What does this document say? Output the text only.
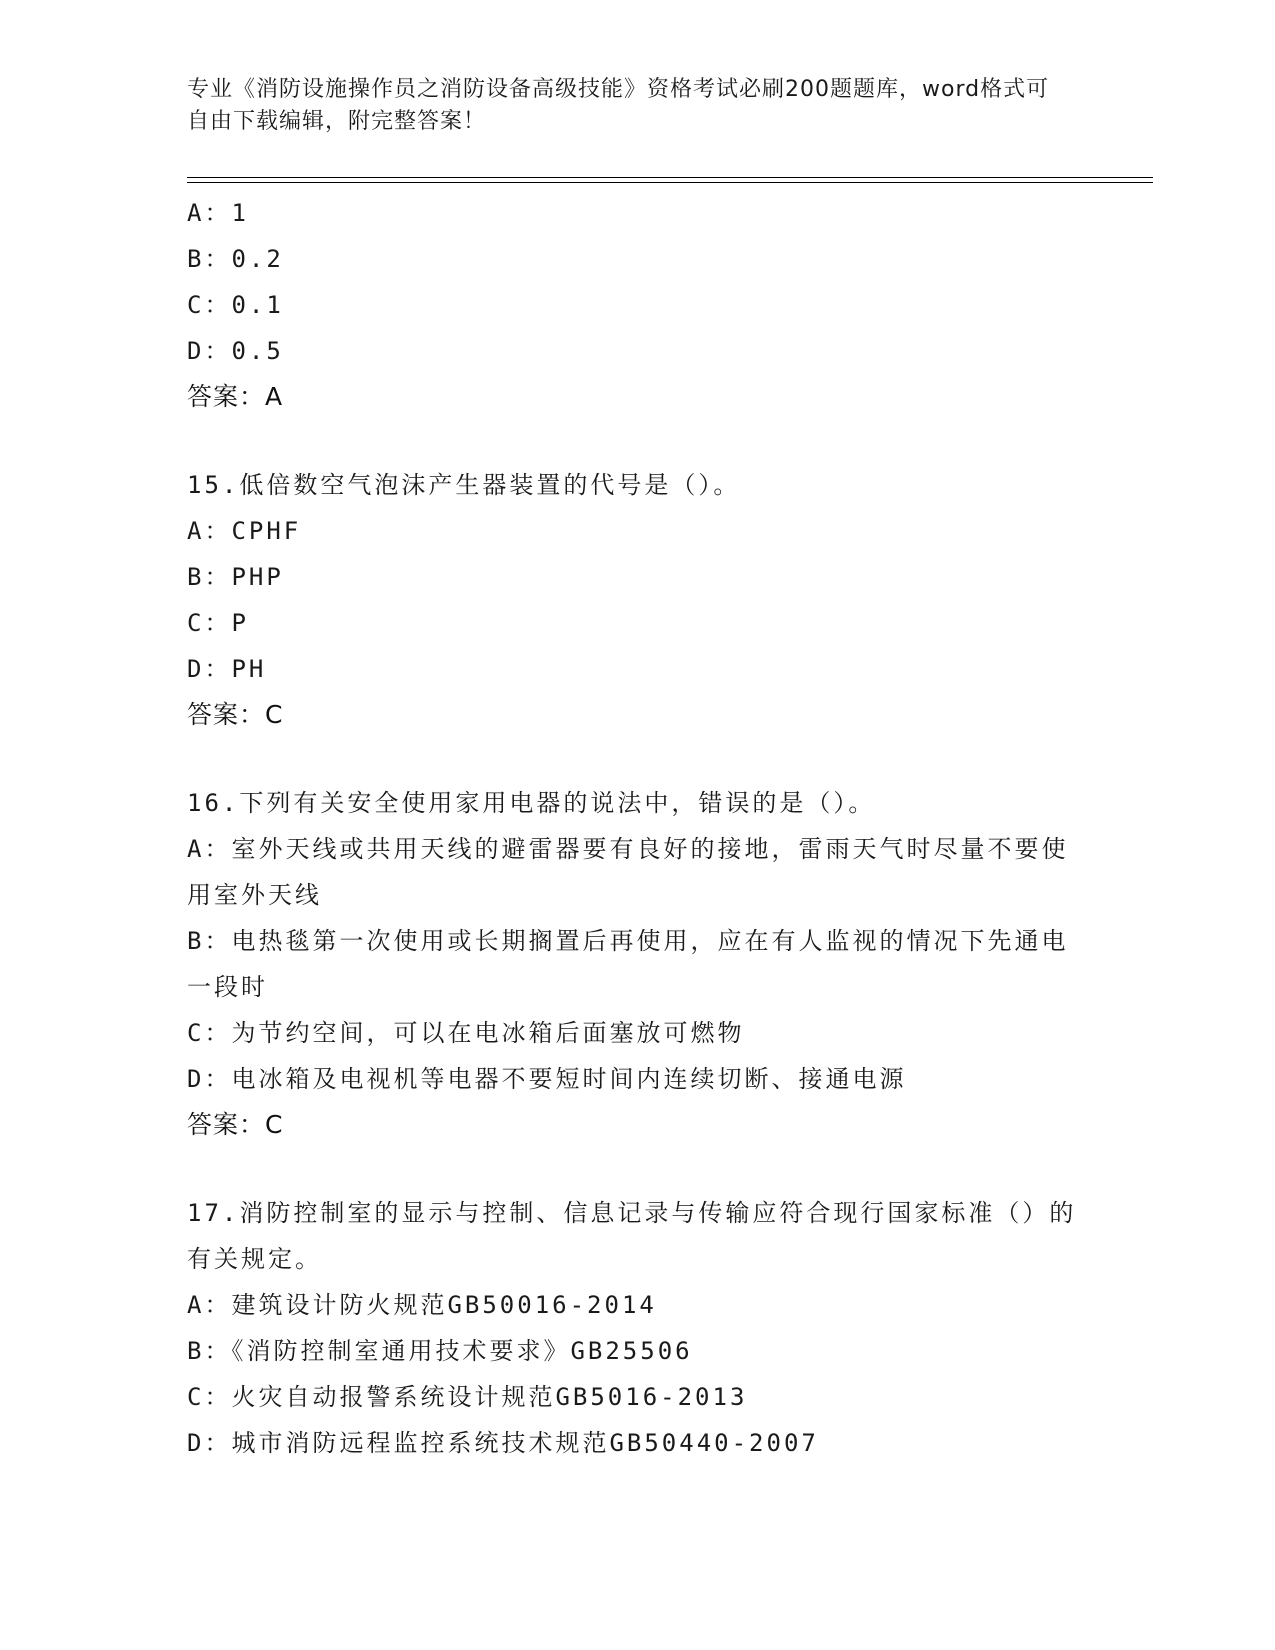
专业《消防设施操作员之消防设备高级技能》资格考试必刷200题题库，word格式可自由下载编辑，附完整答案！
A：1
B：0.2
C：0.1
D：0.5
答案：A
15.低倍数空气泡沫产生器装置的代号是（）。
A：CPHF
B：PHP
C：P
D：PH
答案：C
16.下列有关安全使用家用电器的说法中，错误的是（）。
A：室外天线或共用天线的避雷器要有良好的接地，雷雨天气时尽量不要使用室外天线
B：电热毯第一次使用或长期搁置后再使用，应在有人监视的情况下先通电一段时
C：为节约空间，可以在电冰箱后面塞放可燃物
D：电冰箱及电视机等电器不要短时间内连续切断、接通电源
答案：C
17.消防控制室的显示与控制、信息记录与传输应符合现行国家标准（）的有关规定。
A：建筑设计防火规范GB50016-2014
B：《消防控制室通用技术要求》GB25506
C：火灾自动报警系统设计规范GB5016-2013
D：城市消防远程监控系统技术规范GB50440-2007
